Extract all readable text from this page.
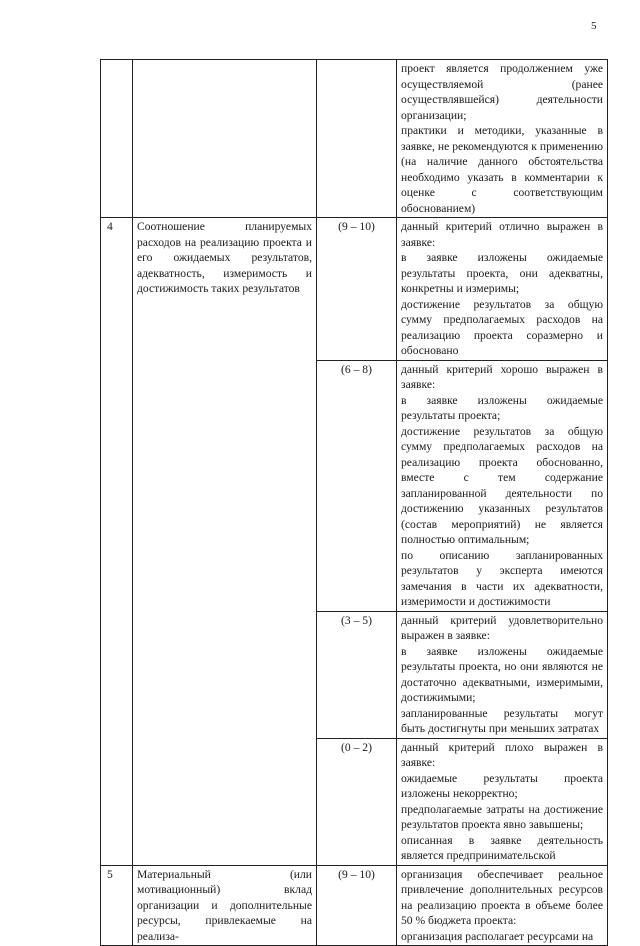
5

			проект является продолжением уже осуществляемой (ранее осуществлявшейся) деятельности организации;
практики и методики, указанные в заявке, не рекомендуются к применению (на наличие данного обстоятельства необходимо указать в комментарии к оценке с соответствующим обоснованием)

4	Соотношение планируемых расходов на реализацию проекта и его ожидаемых результатов, адекватность, измеримость и достижимость таких результатов	(9 – 10)	данный критерий отлично выражен в заявке:
в заявке изложены ожидаемые результаты проекта, они адекватны, конкретны и измеримы;
достижение результатов за общую сумму предполагаемых расходов на реализацию проекта соразмерно и обосновано

		(6 – 8)	данный критерий хорошо выражен в заявке:
в заявке изложены ожидаемые результаты проекта;
достижение результатов за общую сумму предполагаемых расходов на реализацию проекта обоснованно, вместе с тем содержание запланированной деятельности по достижению указанных результатов (состав мероприятий) не является полностью оптимальным;
по описанию запланированных результатов у эксперта имеются замечания в части их адекватности, измеримости и достижимости

		(3 – 5)	данный критерий удовлетворительно выражен в заявке:
в заявке изложены ожидаемые результаты проекта, но они являются не достаточно адекватными, измеримыми, достижимыми;
запланированные результаты могут быть достигнуты при меньших затратах

		(0 – 2)	данный критерий плохо выражен в заявке:
ожидаемые результаты проекта изложены некорректно;
предполагаемые затраты на достижение результатов проекта явно завышены;
описанная в заявке деятельность является предпринимательской

5	Материальный (или мотивационный) вклад организации и дополнительные ресурсы, привлекаемые на реализа-	(9 – 10)	организация обеспечивает реальное привлечение дополнительных ресурсов на реализацию проекта в объеме более 50 % бюджета проекта:
организация располагает ресурсами на
